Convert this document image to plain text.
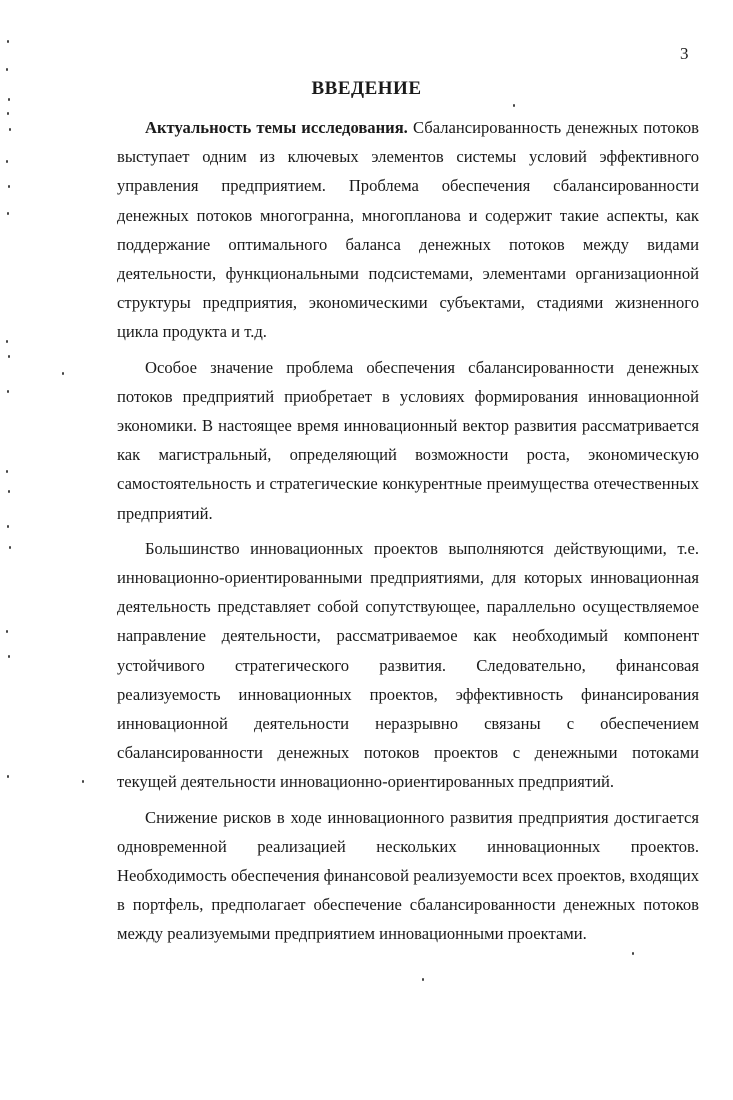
3
ВВЕДЕНИЕ

Актуальность темы исследования. Сбалансированность денежных потоков выступает одним из ключевых элементов системы условий эффективного управления предприятием. Проблема обеспечения сбалансированности денежных потоков многогранна, многопланова и содержит такие аспекты, как поддержание оптимального баланса денежных потоков между видами деятельности, функциональными подсистемами, элементами организационной структуры предприятия, экономическими субъектами, стадиями жизненного цикла продукта и т.д.

Особое значение проблема обеспечения сбалансированности денежных потоков предприятий приобретает в условиях формирования инновационной экономики. В настоящее время инновационный вектор развития рассматривается как магистральный, определяющий возможности роста, экономическую самостоятельность и стратегические конкурентные преимущества отечественных предприятий.

Большинство инновационных проектов выполняются действующими, т.е. инновационно-ориентированными предприятиями, для которых инновационная деятельность представляет собой сопутствующее, параллельно осуществляемое направление деятельности, рассматриваемое как необходимый компонент устойчивого стратегического развития. Следовательно, финансовая реализуемость инновационных проектов, эффективность финансирования инновационной деятельности неразрывно связаны с обеспечением сбалансированности денежных потоков проектов с денежными потоками текущей деятельности инновационно-ориентированных предприятий.

Снижение рисков в ходе инновационного развития предприятия достигается одновременной реализацией нескольких инновационных проектов. Необходимость обеспечения финансовой реализуемости всех проектов, входящих в портфель, предполагает обеспечение сбалансированности денежных потоков между реализуемыми предприятием инновационными проектами.
